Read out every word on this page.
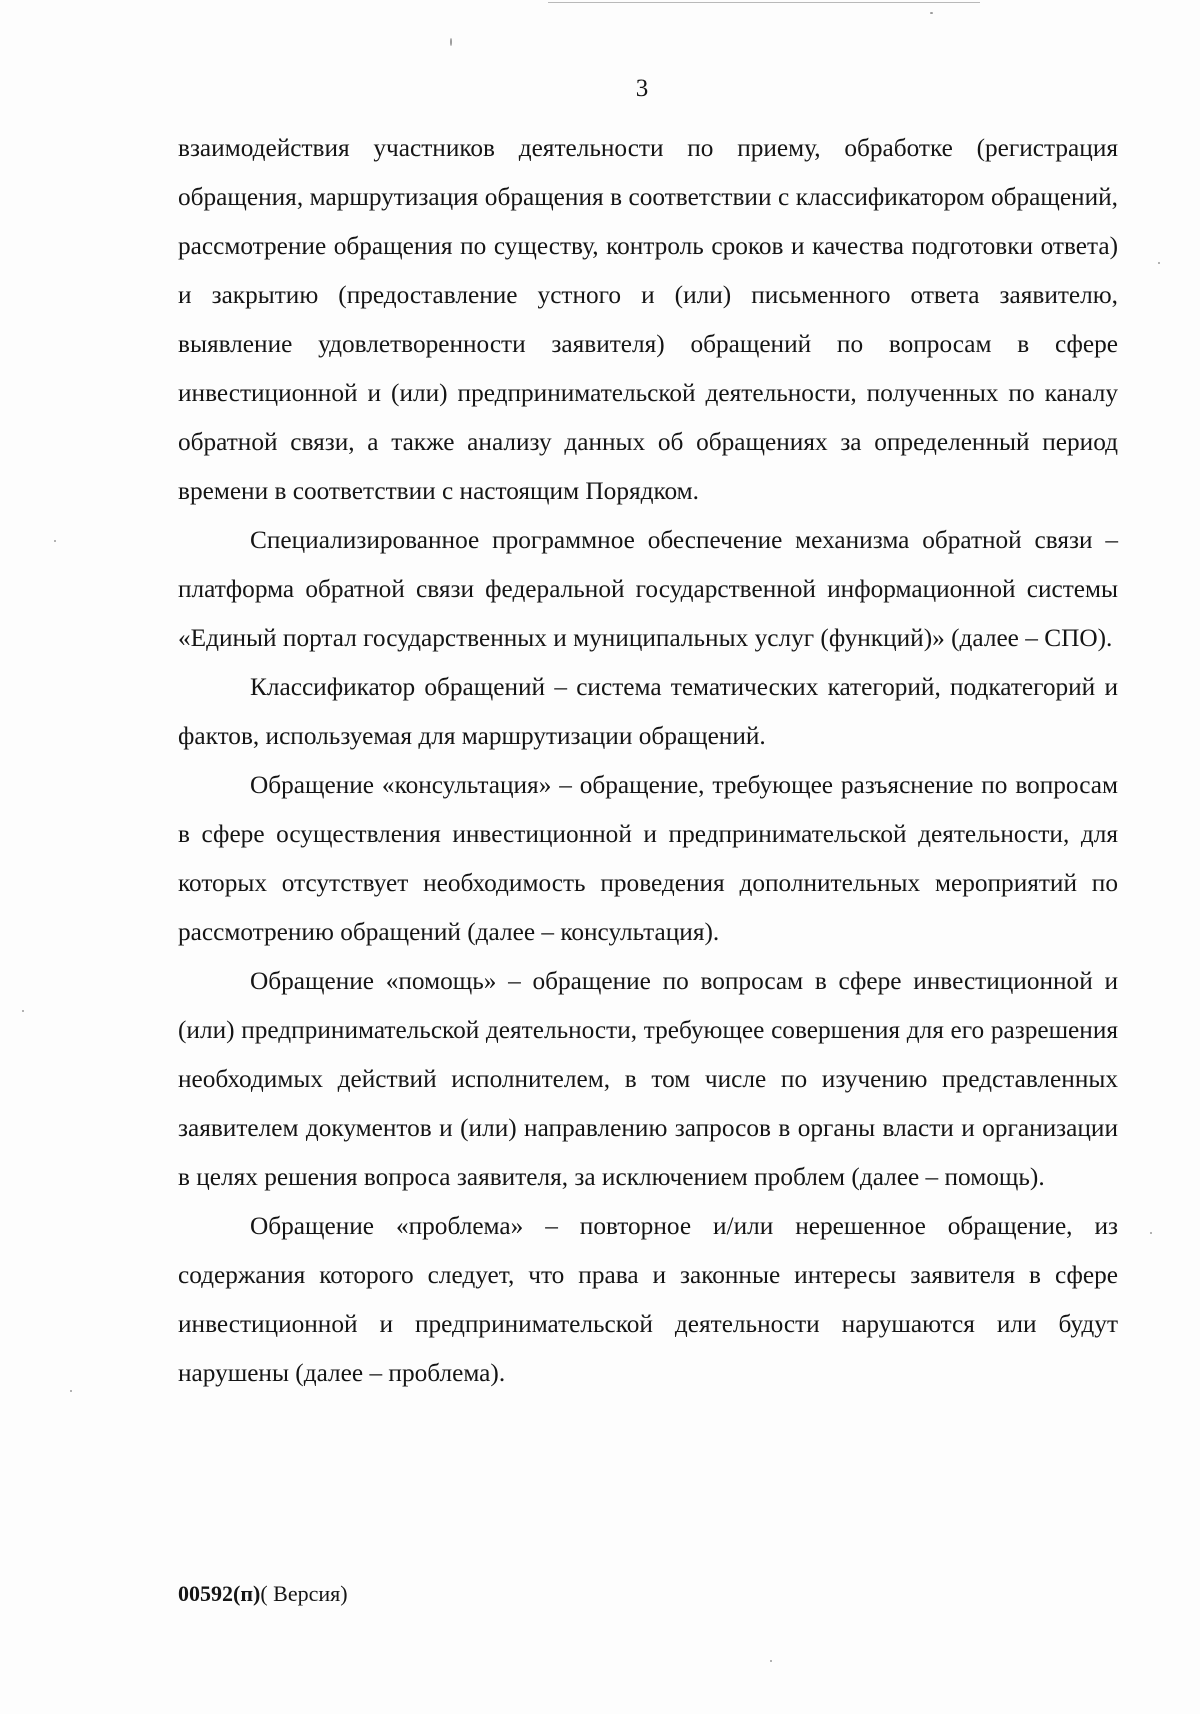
3

взаимодействия участников деятельности по приему, обработке (регистрация обращения, маршрутизация обращения в соответствии с классификатором обращений, рассмотрение обращения по существу, контроль сроков и качества подготовки ответа) и закрытию (предоставление устного и (или) письменного ответа заявителю, выявление удовлетворенности заявителя) обращений по вопросам в сфере инвестиционной и (или) предпринимательской деятельности, полученных по каналу обратной связи, а также анализу данных об обращениях за определенный период времени в соответствии с настоящим Порядком.

Специализированное программное обеспечение механизма обратной связи – платформа обратной связи федеральной государственной информационной системы «Единый портал государственных и муниципальных услуг (функций)» (далее – СПО).

Классификатор обращений – система тематических категорий, подкатегорий и фактов, используемая для маршрутизации обращений.

Обращение «консультация» – обращение, требующее разъяснение по вопросам в сфере осуществления инвестиционной и предпринимательской деятельности, для которых отсутствует необходимость проведения дополнительных мероприятий по рассмотрению обращений (далее – консультация).

Обращение «помощь» – обращение по вопросам в сфере инвестиционной и (или) предпринимательской деятельности, требующее совершения для его разрешения необходимых действий исполнителем, в том числе по изучению представленных заявителем документов и (или) направлению запросов в органы власти и организации в целях решения вопроса заявителя, за исключением проблем (далее – помощь).

Обращение «проблема» – повторное и/или нерешенное обращение, из содержания которого следует, что права и законные интересы заявителя в сфере инвестиционной и предпринимательской деятельности нарушаются или будут нарушены (далее – проблема).

00592(п)( Версия)
